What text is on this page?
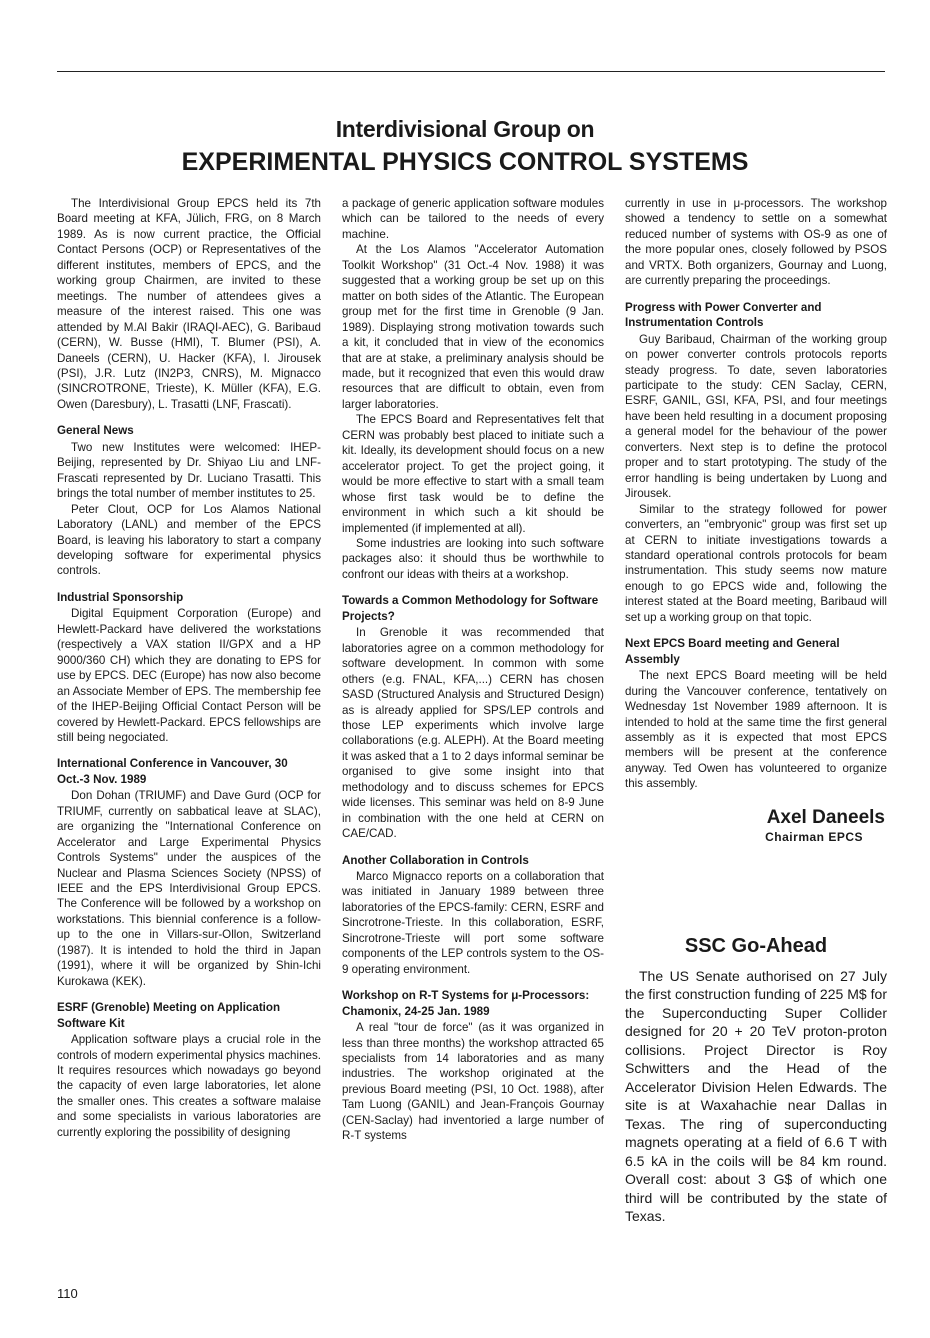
Interdivisional Group on
EXPERIMENTAL PHYSICS CONTROL SYSTEMS

The Interdivisional Group EPCS held its 7th Board meeting at KFA, Jülich, FRG, on 8 March 1989. As is now current practice, the Official Contact Persons (OCP) or Representatives of the different institutes, members of EPCS, and the working group Chairmen, are invited to these meetings. The number of attendees gives a measure of the interest raised. This one was attended by M.Al Bakir (IRAQI-AEC), G. Baribaud (CERN), W. Busse (HMI), T. Blumer (PSI), A. Daneels (CERN), U. Hacker (KFA), I. Jirousek (PSI), J.R. Lutz (IN2P3, CNRS), M. Mignacco (SINCROTRONE, Trieste), K. Müller (KFA), E.G. Owen (Daresbury), L. Trasatti (LNF, Frascati).

General News

Two new Institutes were welcomed: IHEP-Beijing, represented by Dr. Shiyao Liu and LNF-Frascati represented by Dr. Luciano Trasatti. This brings the total number of member institutes to 25.

Peter Clout, OCP for Los Alamos National Laboratory (LANL) and member of the EPCS Board, is leaving his laboratory to start a company developing software for experimental physics controls.

Industrial Sponsorship

Digital Equipment Corporation (Europe) and Hewlett-Packard have delivered the workstations (respectively a VAX station II/GPX and a HP 9000/360 CH) which they are donating to EPS for use by EPCS. DEC (Europe) has now also become an Associate Member of EPS. The membership fee of the IHEP-Beijing Official Contact Person will be covered by Hewlett-Packard. EPCS fellowships are still being negociated.

International Conference in Vancouver, 30 Oct.-3 Nov. 1989

Don Dohan (TRIUMF) and Dave Gurd (OCP for TRIUMF, currently on sabbatical leave at SLAC), are organizing the "International Conference on Accelerator and Large Experimental Physics Controls Systems" under the auspices of the Nuclear and Plasma Sciences Society (NPSS) of IEEE and the EPS Interdivisional Group EPCS. The Conference will be followed by a workshop on workstations. This biennial conference is a follow-up to the one in Villars-sur-Ollon, Switzerland (1987). It is intended to hold the third in Japan (1991), where it will be organized by Shin-Ichi Kurokawa (KEK).

ESRF (Grenoble) Meeting on Application Software Kit

Application software plays a crucial role in the controls of modern experimental physics machines. It requires resources which nowadays go beyond the capacity of even large laboratories, let alone the smaller ones. This creates a software malaise and some specialists in various laboratories are currently exploring the possibility of designing

a package of generic application software modules which can be tailored to the needs of every machine.

At the Los Alamos "Accelerator Automation Toolkit Workshop" (31 Oct.-4 Nov. 1988) it was suggested that a working group be set up on this matter on both sides of the Atlantic. The European group met for the first time in Grenoble (9 Jan. 1989). Displaying strong motivation towards such a kit, it concluded that in view of the economics that are at stake, a preliminary analysis should be made, but it recognized that even this would draw resources that are difficult to obtain, even from larger laboratories.

The EPCS Board and Representatives felt that CERN was probably best placed to initiate such a kit. Ideally, its development should focus on a new accelerator project. To get the project going, it would be more effective to start with a small team whose first task would be to define the environment in which such a kit should be implemented (if implemented at all).

Some industries are looking into such software packages also: it should thus be worthwhile to confront our ideas with theirs at a workshop.

Towards a Common Methodology for Software Projects?

In Grenoble it was recommended that laboratories agree on a common methodology for software development. In common with some others (e.g. FNAL, KFA,...) CERN has chosen SASD (Structured Analysis and Structured Design) as is already applied for SPS/LEP controls and those LEP experiments which involve large collaborations (e.g. ALEPH). At the Board meeting it was asked that a 1 to 2 days informal seminar be organised to give some insight into that methodology and to discuss schemes for EPCS wide licenses. This seminar was held on 8-9 June in combination with the one held at CERN on CAE/CAD.

Another Collaboration in Controls

Marco Mignacco reports on a collaboration that was initiated in January 1989 between three laboratories of the EPCS-family: CERN, ESRF and Sincrotrone-Trieste. In this collaboration, ESRF, Sincrotrone-Trieste will port some software components of the LEP controls system to the OS-9 operating environment.

Workshop on R-T Systems for μ-Processors: Chamonix, 24-25 Jan. 1989

A real "tour de force" (as it was organized in less than three months) the workshop attracted 65 specialists from 14 laboratories and as many industries. The workshop originated at the previous Board meeting (PSI, 10 Oct. 1988), after Tam Luong (GANIL) and Jean-François Gournay (CEN-Saclay) had inventoried a large number of R-T systems

currently in use in μ-processors. The workshop showed a tendency to settle on a somewhat reduced number of systems with OS-9 as one of the more popular ones, closely followed by PSOS and VRTX. Both organizers, Gournay and Luong, are currently preparing the proceedings.

Progress with Power Converter and Instrumentation Controls

Guy Baribaud, Chairman of the working group on power converter controls protocols reports steady progress. To date, seven laboratories participate to the study: CEN Saclay, CERN, ESRF, GANIL, GSI, KFA, PSI, and four meetings have been held resulting in a document proposing a general model for the behaviour of the power converters. Next step is to define the protocol proper and to start prototyping. The study of the error handling is being undertaken by Luong and Jirousek.

Similar to the strategy followed for power converters, an "embryonic" group was first set up at CERN to initiate investigations towards a standard operational controls protocols for beam instrumentation. This study seems now mature enough to go EPCS wide and, following the interest stated at the Board meeting, Baribaud will set up a working group on that topic.

Next EPCS Board meeting and General Assembly

The next EPCS Board meeting will be held during the Vancouver conference, tentatively on Wednesday 1st November 1989 afternoon. It is intended to hold at the same time the first general assembly as it is expected that most EPCS members will be present at the conference anyway. Ted Owen has volunteered to organize this assembly.

Axel Daneels
Chairman EPCS
SSC Go-Ahead

The US Senate authorised on 27 July the first construction funding of 225 M$ for the Superconducting Super Collider designed for 20 + 20 TeV proton-proton collisions. Project Director is Roy Schwitters and the Head of the Accelerator Division Helen Edwards. The site is at Waxahachie near Dallas in Texas. The ring of superconducting magnets operating at a field of 6.6 T with 6.5 kA in the coils will be 84 km round. Overall cost: about 3 G$ of which one third will be contributed by the state of Texas.

110
